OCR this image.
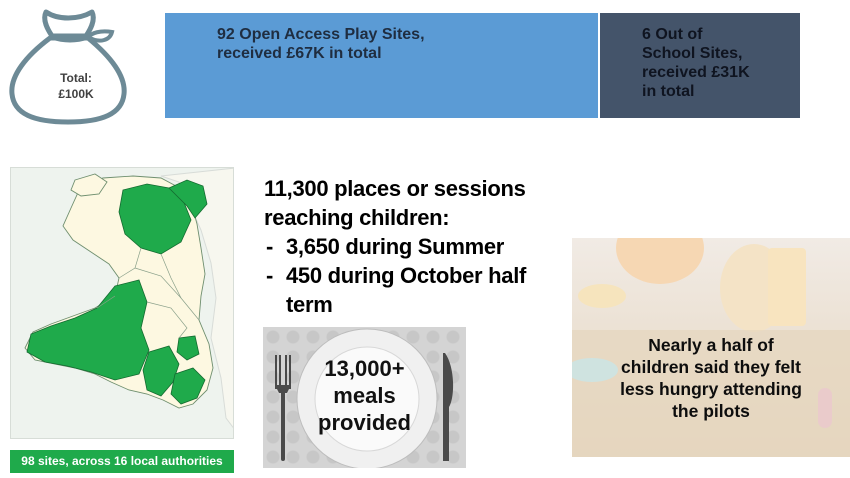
Total:
£100K
92 Open Access Play Sites,
received £67K in total
6 Out of
School Sites,
received £31K
in total
98 sites, across 16 local authorities
11,300 places or sessions
reaching children:
- 3,650 during Summer
- 450 during October half term
13,000+
meals
provided
Nearly a half of
children said they felt
less hungry attending
the pilots
